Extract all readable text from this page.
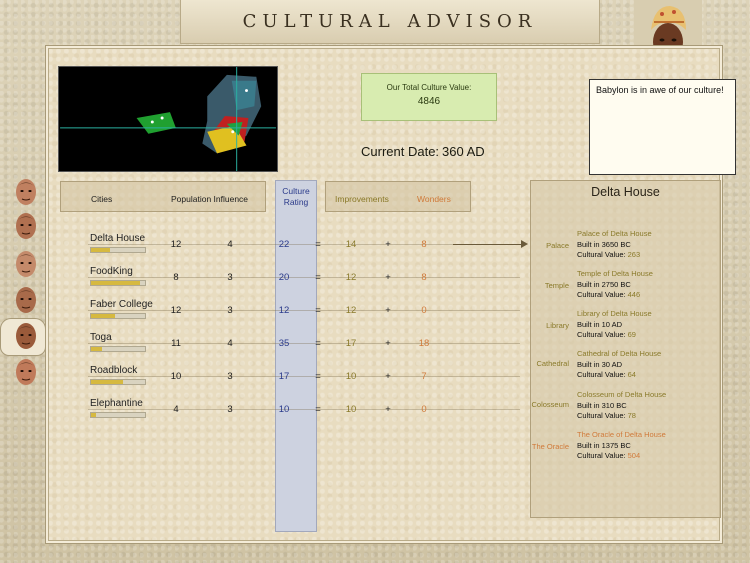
CULTURAL ADVISOR
Our Total Culture Value:
4846
Current Date: 360 AD
Babylon is in awe of our culture!
Culture
Rating
Cities	Population Influence	Improvements	Wonders
Delta House
12	4	22	=	14	+	8
FoodKing
8	3	20	=	12	+	8
Faber College
12	3	12	=	12	+	0
Toga
11	4	35	=	17	+	18
Roadblock
10	3	17	=	10	+	7
Elephantine
4	3	10	=	10	+	0
Delta House
Palace
Palace of Delta House
Built in 3650 BC
Cultural Value: 263
Temple
Temple of Delta House
Built in 2750 BC
Cultural Value: 446
Library
Library of Delta House
Built in 10 AD
Cultural Value: 69
Cathedral
Cathedral of Delta House
Built in 30 AD
Cultural Value: 64
Colosseum
Colosseum of Delta House
Built in 310 BC
Cultural Value: 78
The Oracle
The Oracle of Delta House
Built in 1375 BC
Cultural Value: 504
